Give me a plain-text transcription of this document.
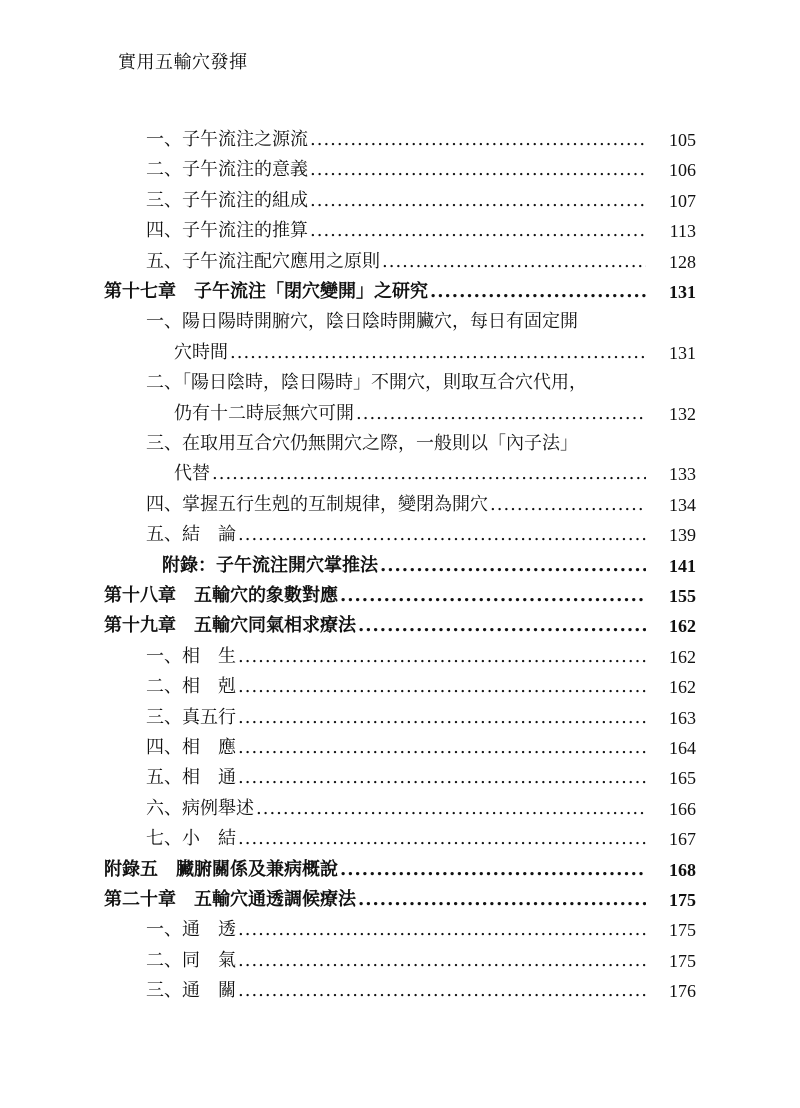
實用五輸穴發揮
一、子午流注之源流 .....	105
二、子午流注的意義 .....	106
三、子午流注的組成 .....	107
四、子午流注的推算 .....	113
五、子午流注配穴應用之原則 .....	128
第十七章　子午流注「閉穴變開」之研究 .....	131
一、陽日陽時開腑穴，陰日陰時開臟穴，每日有固定開
穴時間 .....	131
二、「陽日陰時，陰日陽時」不開穴，則取互合穴代用，
仍有十二時辰無穴可開 .....	132
三、在取用互合穴仍無開穴之際，一般則以「內子法」
代替 .....	133
四、掌握五行生剋的互制規律，變閉為開穴 .....	134
五、結　論 .....	139
附錄：子午流注開穴掌推法 .....	141
第十八章　五輸穴的象數對應 .....	155
第十九章　五輸穴同氣相求療法 .....	162
一、相　生 .....	162
二、相　剋 .....	162
三、真五行 .....	163
四、相　應 .....	164
五、相　通 .....	165
六、病例舉述 .....	166
七、小　結 .....	167
附錄五　臟腑關係及兼病概說 .....	168
第二十章　五輸穴通透調候療法 .....	175
一、通　透 .....	175
二、同　氣 .....	175
三、通　關 .....	176
